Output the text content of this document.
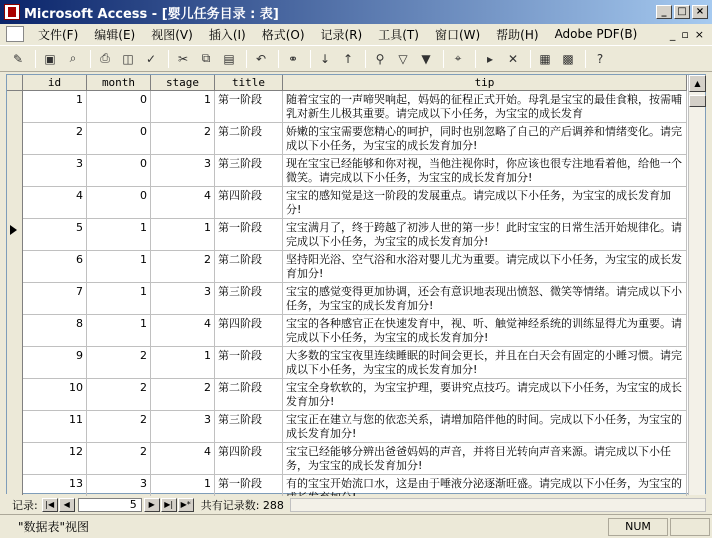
Microsoft Access - [婴儿任务目录 : 表]	_	□ ×
文件(F)	编辑(E)	视图(V)	插入(I)	格式(O)	记录(R)	工具(T)	窗口(W)	帮助(H)	Adobe PDF(B)	_ ▫ ×
✎	▣	⌕	⎙	◫	✓	✂	⧉	▤	↶	⚭	↓	↑	⚲	▽	▼	⌖	▸	✕	▦ ▩	?
id	month	stage	title	tip
1	0	1 第一阶段	随着宝宝的一声啼哭响起，妈妈的征程正式开始。母乳是宝宝的最佳食粮，按需哺乳对新生儿极其重要。请完成以下小任务，为宝宝的成长发育
2	0	2 第二阶段	娇嫩的宝宝需要您精心的呵护，同时也别忽略了自己的产后调养和情绪变化。请完成以下小任务，为宝宝的成长发育加分!
3	0	3 第三阶段	现在宝宝已经能够和你对视，当他注视你时，你应该也很专注地看着他，给他一个微笑。请完成以下小任务，为宝宝的成长发育加分!
4	0	4 第四阶段	宝宝的感知觉是这一阶段的发展重点。请完成以下小任务，为宝宝的成长发育加分!
5	1	1 第一阶段	宝宝满月了，终于跨越了初涉人世的第一步！此时宝宝的日常生活开始规律化。请完成以下小任务，为宝宝的成长发育加分!
6	1	2 第二阶段	坚持阳光浴、空气浴和水浴对婴儿尤为重要。请完成以下小任务，为宝宝的成长发育加分!
7	1	3 第三阶段	宝宝的感觉变得更加协调，还会有意识地表现出愤怒、微笑等情绪。请完成以下小任务，为宝宝的成长发育加分!
8	1	4 第四阶段	宝宝的各种感官正在快速发育中，视、听、触觉神经系统的训练显得尤为重要。请完成以下小任务，为宝宝的成长发育加分!
9	2	1 第一阶段	大多数的宝宝夜里连续睡眠的时间会更长，并且在白天会有固定的小睡习惯。请完成以下小任务，为宝宝的成长发育加分!
10	2	2 第二阶段	宝宝全身软软的，为宝宝护理，要讲究点技巧。请完成以下小任务，为宝宝的成长发育加分!
11	2	3 第三阶段	宝宝正在建立与您的依恋关系，请增加陪伴他的时间。完成以下小任务，为宝宝的成长发育加分!
12	2	4 第四阶段	宝宝已经能够分辨出爸爸妈妈的声音，并将目光转向声音来源。请完成以下小任务，为宝宝的成长发育加分!
13	3	1 第一阶段	有的宝宝开始流口水，这是由于唾液分泌逐渐旺盛。请完成以下小任务，为宝宝的
▲
记录: |◀	◀	5	▶	▶| ▶* 共有记录数: 288
"数据表"视图	NUM
